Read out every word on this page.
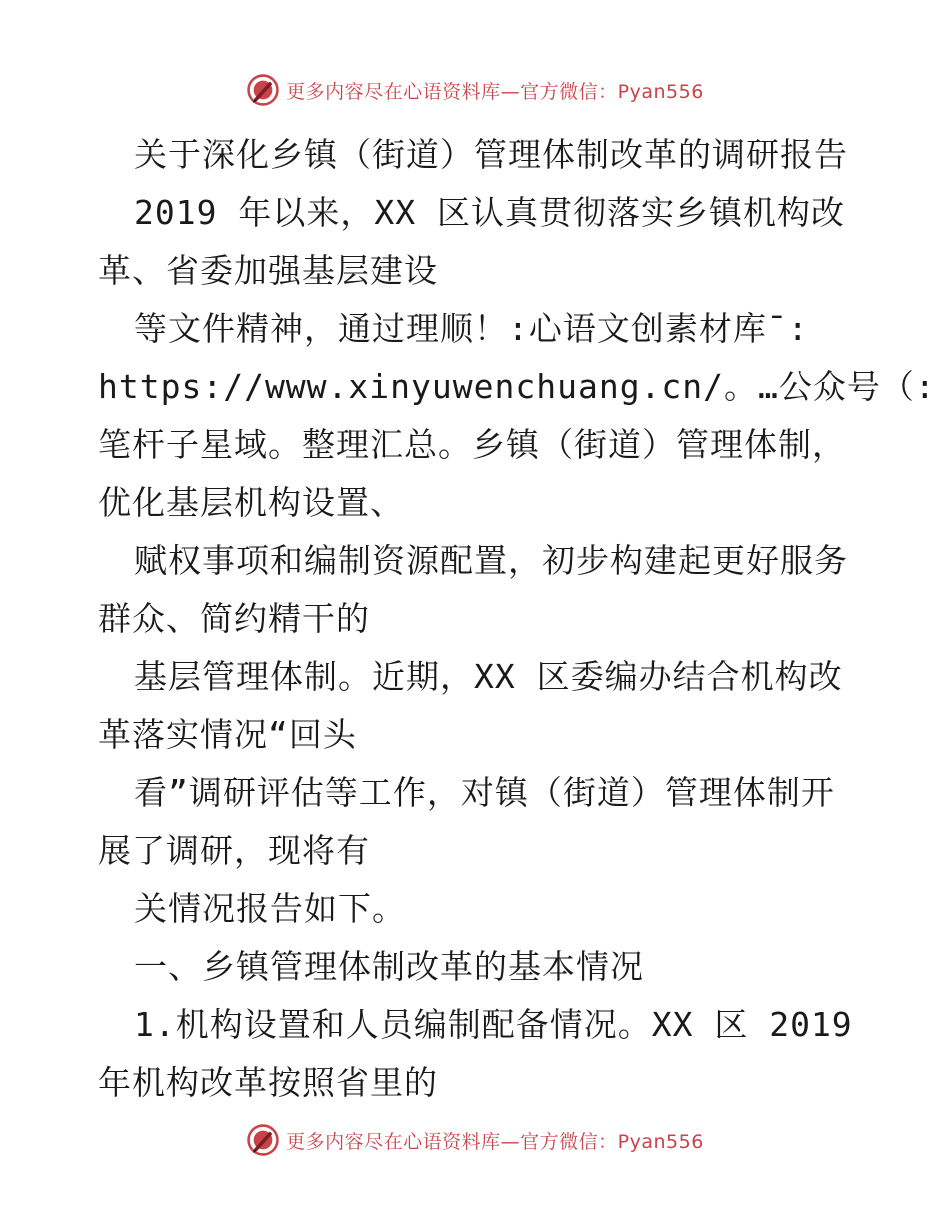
更多内容尽在心语资料库—官方微信：Pyan556
关于深化乡镇（街道）管理体制改革的调研报告
2019 年以来，XX 区认真贯彻落实乡镇机构改
革、省委加强基层建设
等文件精神，通过理顺！:心语文创素材库¯:
https://www.xinyuwenchuang.cn/。…公众号（:
笔杆子星域。整理汇总。乡镇（街道）管理体制，
优化基层机构设置、
赋权事项和编制资源配置，初步构建起更好服务
群众、简约精干的
基层管理体制。近期，XX 区委编办结合机构改
革落实情况“回头
看”调研评估等工作，对镇（街道）管理体制开
展了调研，现将有
关情况报告如下。
一、乡镇管理体制改革的基本情况
1.机构设置和人员编制配备情况。XX 区 2019
年机构改革按照省里的
更多内容尽在心语资料库—官方微信：Pyan556
